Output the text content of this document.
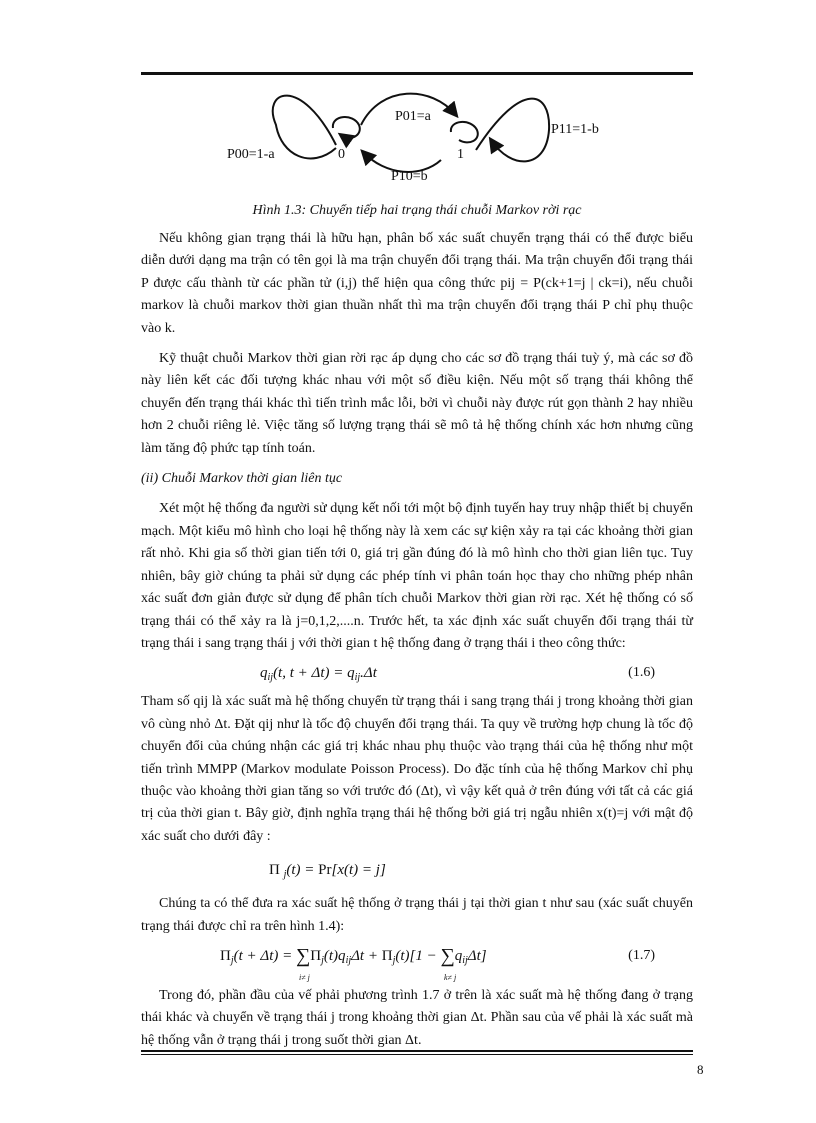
P00=1-a
P01=a
P11=1-b
P10=b
0	1
Hình 1.3: Chuyển tiếp hai trạng thái chuỗi Markov rời rạc

Nếu không gian trạng thái là hữu hạn, phân bố xác suất chuyển trạng thái có thể được biểu diễn dưới dạng ma trận có tên gọi là ma trận chuyển đổi trạng thái. Ma trận chuyển đổi trạng thái P được cấu thành từ các phần tử (i,j) thể hiện qua công thức pij = P(ck+1=j | ck=i), nếu chuỗi markov là chuỗi markov thời gian thuần nhất thì ma trận chuyển đổi trạng thái P chỉ phụ thuộc vào k.

Kỹ thuật chuỗi Markov thời gian rời rạc áp dụng cho các sơ đồ trạng thái tuỳ ý, mà các sơ đồ này liên kết các đối tượng khác nhau với một số điều kiện. Nếu một số trạng thái không thể chuyển đến trạng thái khác thì tiến trình mắc lỗi, bởi vì chuỗi này được rút gọn thành 2 hay nhiều hơn 2 chuỗi riêng lẻ. Việc tăng số lượng trạng thái sẽ mô tả hệ thống chính xác hơn nhưng cũng làm tăng độ phức tạp tính toán.

(ii) Chuỗi Markov thời gian liên tục

Xét một hệ thống đa người sử dụng kết nối tới một bộ định tuyến hay truy nhập thiết bị chuyển mạch. Một kiểu mô hình cho loại hệ thống này là xem các sự kiện xảy ra tại các khoảng thời gian rất nhỏ. Khi gia số thời gian tiến tới 0, giá trị gần đúng đó là mô hình cho thời gian liên tục. Tuy nhiên, bây giờ chúng ta phải sử dụng các phép tính vi phân toán học thay cho những phép nhân xác suất đơn giản được sử dụng để phân tích chuỗi Markov thời gian rời rạc. Xét hệ thống có số trạng thái có thể xảy ra là j=0,1,2,....n. Trước hết, ta xác định xác suất chuyển đổi trạng thái từ trạng thái i sang trạng thái j với thời gian t hệ thống đang ở trạng thái i theo công thức:

$q_{ij}(t$, $t + \Delta t) = q_{ij}.\Delta t$	(1.6)

Tham số qij là xác suất mà hệ thống chuyển từ trạng thái i sang trạng thái j trong khoảng thời gian vô cùng nhỏ Δt. Đặt qij như là tốc độ chuyển đổi trạng thái. Ta quy về trường hợp chung là tốc độ chuyển đổi của chúng nhận các giá trị khác nhau phụ thuộc vào trạng thái của hệ thống như một tiến trình MMPP (Markov modulate Poisson Process). Do đặc tính của hệ thống Markov chỉ phụ thuộc vào khoảng thời gian tăng so với trước đó (Δt), vì vậy kết quả ở trên đúng với tất cả các giá trị của thời gian t. Bây giờ, định nghĩa trạng thái hệ thống bởi giá trị ngẫu nhiên x(t)=j với mật độ xác suất cho dưới đây :

Π $_j$(t) = Pr[x(t) = j]

Chúng ta có thể đưa ra xác suất hệ thống ở trạng thái j tại thời gian t như sau (xác suất chuyển trạng thái được chỉ ra trên hình 1.4):

$\Pi_j(t + \Delta t) = \sum\Pi_j(t)q_{ij}\Delta t + \Pi_j(t)[1 - \sum q_{ij}\Delta t]$
i≠ j	k≠ j
(1.7)

Trong đó, phần đầu của vế phải phương trình 1.7 ở trên là xác suất mà hệ thống đang ở trạng thái khác và chuyển về trạng thái j trong khoảng thời gian Δt. Phần sau của vế phải là xác suất mà hệ thống vẫn ở trạng thái j trong suốt thời gian Δt.

8
